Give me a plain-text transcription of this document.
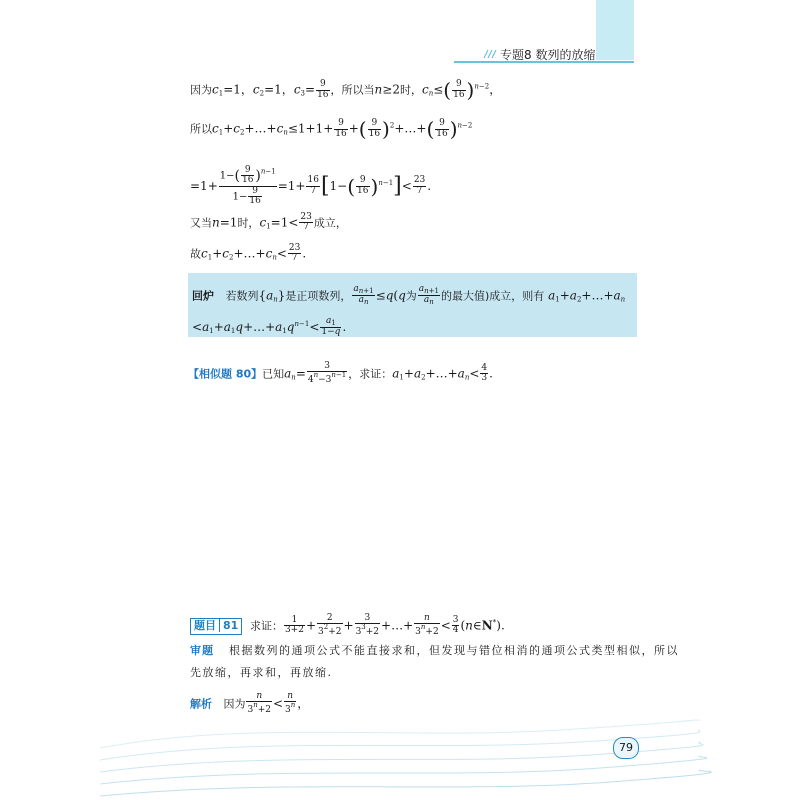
专题8 数列的放缩
因为$c_1=1$，$c_2=1$，$c_3= \frac{9}{16}$ ，所以当n≥2时，$c_n\le( \frac{9}{16} )^{n-2}$，
所以$c_1+c_2+\dots+c_n\le 1+1+ \frac{9}{16}$ +( $\frac{9}{16}$ )$^2$+…+( $\frac{9}{16} )^{n-2}$
$=1+ \frac{1-( \frac{9}{16} )^{n-1}}{1- \frac{9}{16}} =1+ \frac{16}{7} [1-( \frac{9}{16} )^{n-1}]< \frac{23}{7}$ .
又当n=1时，$c_1=1< \frac{23}{7}$ 成立，
故$c_1+c_2+\dots+c_n< \frac{23}{7}$ .
回炉 若数列$\{a_n\}$是正项数列， $\frac{a_{n+1}}{a_n} \le q(q$为 $\frac{a_{n+1}}{a_n}$ 的最大值)成立，则有 $a_1+a_2+\dots+a_n$
$<a_1+a_1q+\dots+a_1q^{n-1}< \frac{a_1}{1-q}$ .
【相似题 80】已知$a_n= \frac{3}{4^n-3^{n-1}}$ ，求证：$a_1+a_2+\dots+a_n< \frac{4}{3}$ .
题目 81 求证： $\frac{1}{3+2} + \frac{2}{3^2+2} + \frac{3}{3^3+2}$ +…+ $\frac{n}{3^n+2} < \frac{3}{4}$ (n∈N*).
审题 根据数列的通项公式不能直接求和，但发现与错位相消的通项公式类型相似，所以
先放缩，再求和，再放缩.
解析 因为 $\frac{n}{3^n+2} < \frac{n}{3^n}$ ，
79
